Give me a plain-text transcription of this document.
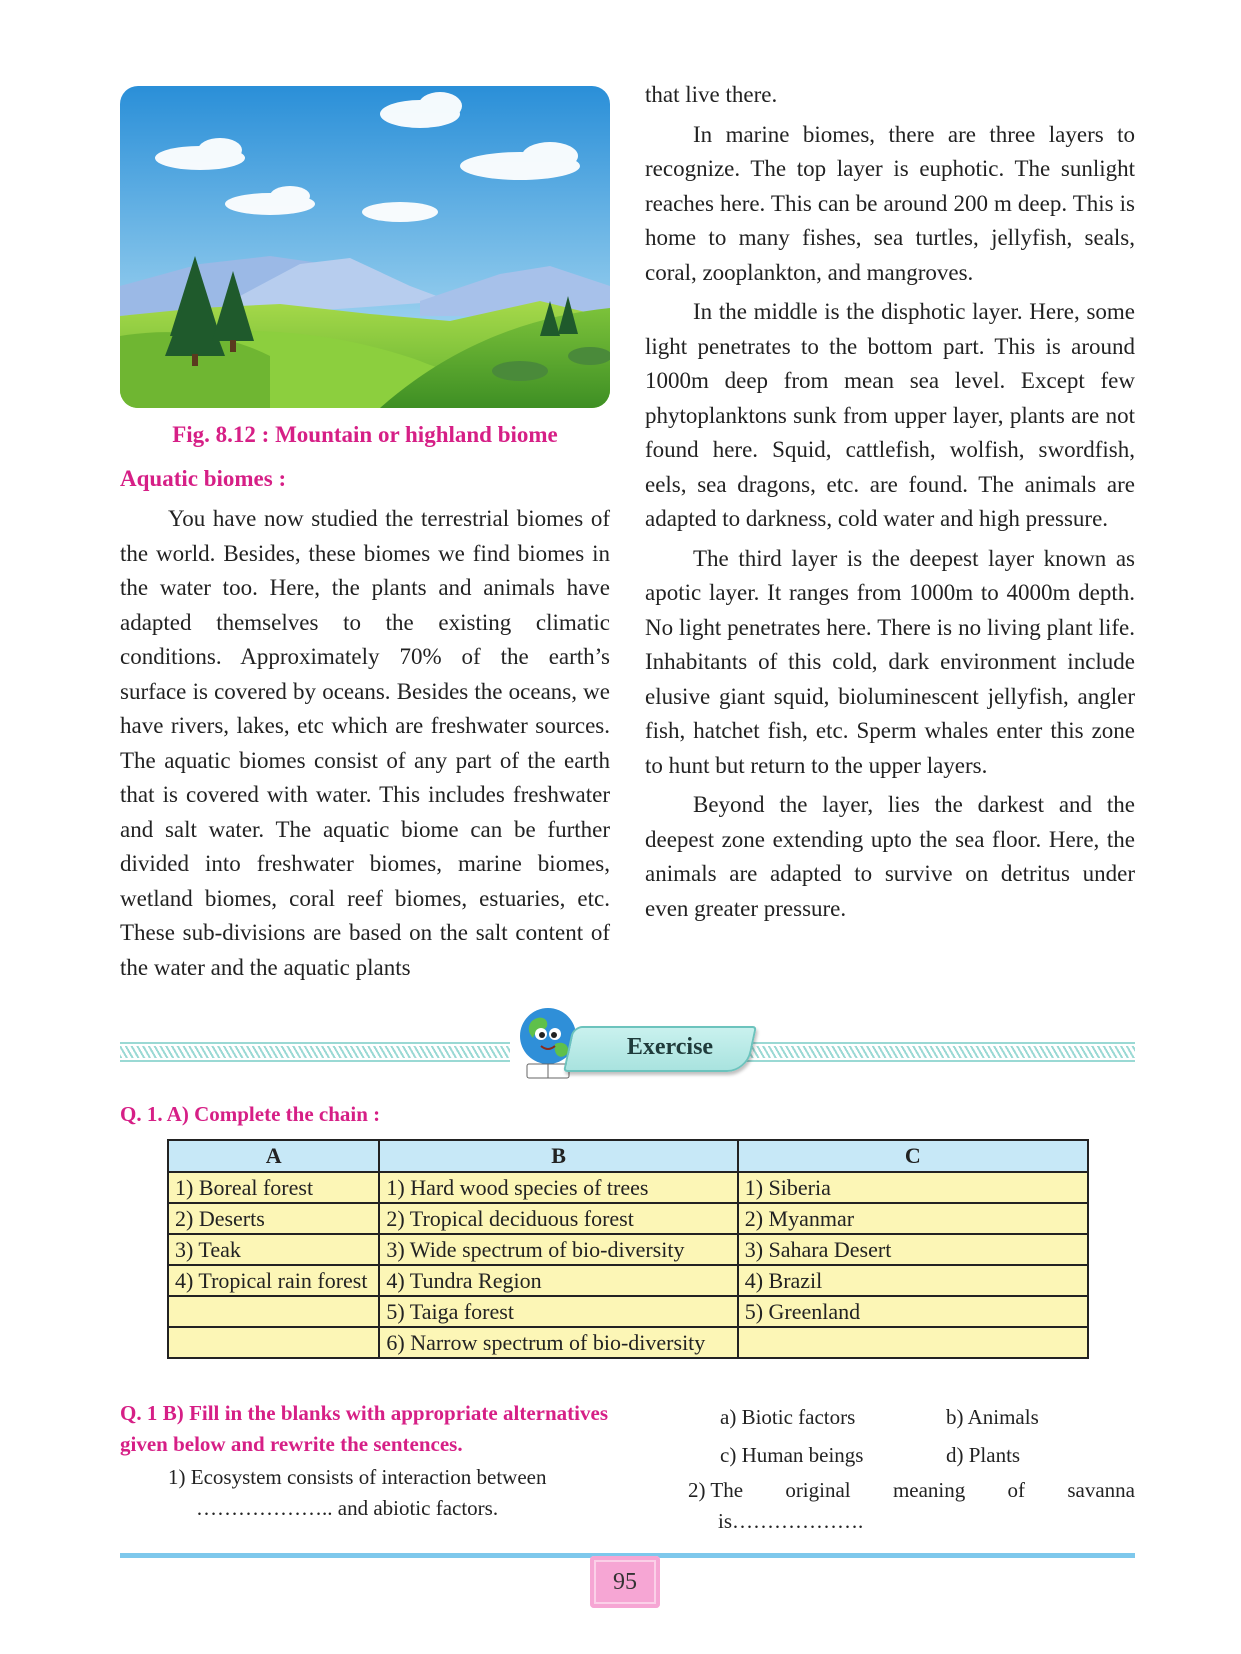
Fig. 8.12 : Mountain or highland biome
Aquatic biomes :

You have now studied the terrestrial biomes of the world. Besides, these biomes we find biomes in the water too. Here, the plants and animals have adapted themselves to the existing climatic conditions. Approximately 70% of the earth’s surface is covered by oceans. Besides the oceans, we have rivers, lakes, etc which are freshwater sources. The aquatic biomes consist of any part of the earth that is covered with water. This includes freshwater and salt water. The aquatic biome can be further divided into freshwater biomes, marine biomes, wetland biomes, coral reef biomes, estuaries, etc. These sub-divisions are based on the salt content of the water and the aquatic plants

that live there.

In marine biomes, there are three layers to recognize. The top layer is euphotic. The sunlight reaches here. This can be around 200 m deep. This is home to many fishes, sea turtles, jellyfish, seals, coral, zooplankton, and mangroves.

In the middle is the disphotic layer. Here, some light penetrates to the bottom part. This is around 1000m deep from mean sea level. Except few phytoplanktons sunk from upper layer, plants are not found here. Squid, cattlefish, wolfish, swordfish, eels, sea dragons, etc. are found. The animals are adapted to darkness, cold water and high pressure.

The third layer is the deepest layer known as apotic layer. It ranges from 1000m to 4000m depth. No light penetrates here. There is no living plant life. Inhabitants of this cold, dark environment include elusive giant squid, bioluminescent jellyfish, angler fish, hatchet fish, etc. Sperm whales enter this zone to hunt but return to the upper layers.

Beyond the layer, lies the darkest and the deepest zone extending upto the sea floor. Here, the animals are adapted to survive on detritus under even greater pressure.

Exercise
Q. 1. A) Complete the chain :
A	B	C
1) Boreal forest	1) Hard wood species of trees	1) Siberia
2) Deserts	2) Tropical deciduous forest	2) Myanmar
3) Teak	3) Wide spectrum of bio-diversity	3) Sahara Desert
4) Tropical rain forest	4) Tundra Region	4) Brazil
	5) Taiga forest	5) Greenland
	6) Narrow spectrum of bio-diversity	
Q. 1 B) Fill in the blanks with appropriate alternatives given below and rewrite the sentences.
1) Ecosystem consists of interaction between
……………….. and abiotic factors.
a) Biotic factors	b) Animals
c) Human beings	d) Plants
2) The original meaning of savanna
is……………….
95
